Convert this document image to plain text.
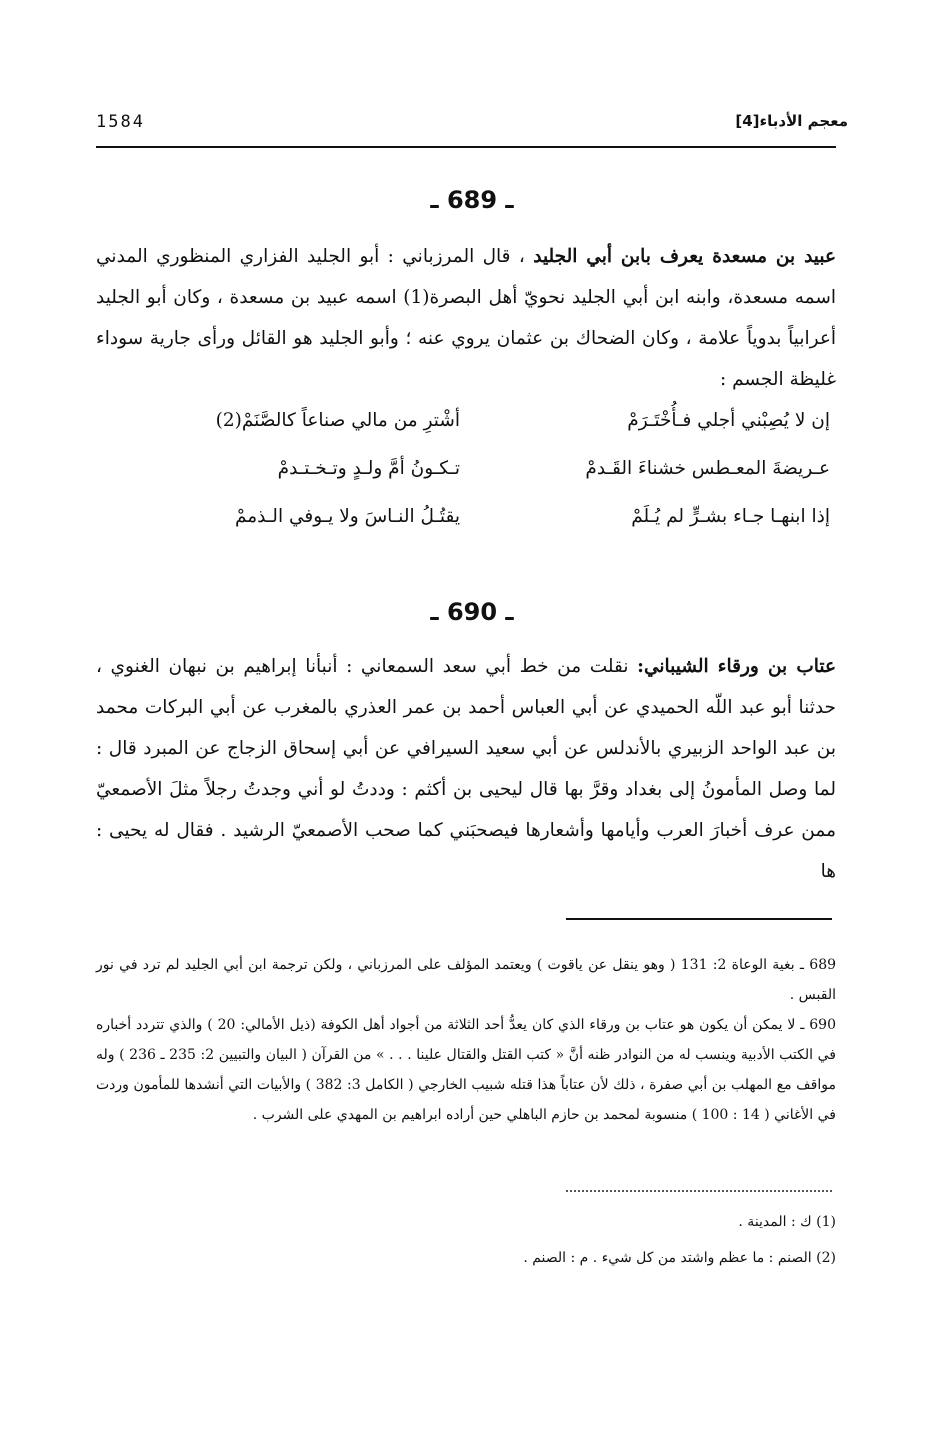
1584	معجم الأدباء[4]
ـ 689 ـ
عبيد بن مسعدة يعرف بابن أبي الجليد ، قال المرزباني : أبو الجليد الفزاري المنظوري المدني اسمه مسعدة، وابنه ابن أبي الجليد نحويّ أهل البصرة(1) اسمه عبيد بن مسعدة ، وكان أبو الجليد أعرابياً بدوياً علامة ، وكان الضحاك بن عثمان يروي عنه ؛ وأبو الجليد هو القائل ورأى جارية سوداء غليظة الجسم :
إن لا يُصِبْني أجلي فـأُخْتَـرَمْ
أشْترِ من مالي صناعاً كالصَّنَمْ(2)
عـريضةَ المعـطس خشناءَ القَـدمْ
تـكـونُ أمَّ ولـدٍ وتـخـتـدمْ
إذا ابنهـا جـاء بشـرٍّ لم يُـلَمْ
يقتُـلُ النـاسَ ولا يـوفي الـذممْ
ـ 690 ـ
عتاب بن ورقاء الشيباني: نقلت من خط أبي سعد السمعاني : أنبأنا إبراهيم بن نبهان الغنوي ، حدثنا أبو عبد اللّه الحميدي عن أبي العباس أحمد بن عمر العذري بالمغرب عن أبي البركات محمد بن عبد الواحد الزبيري بالأندلس عن أبي سعيد السيرافي عن أبي إسحاق الزجاج عن المبرد قال : لما وصل المأمونُ إلى بغداد وقرَّ بها قال ليحيى بن أكثم : وددتُ لو أني وجدتُ رجلاً مثلَ الأصمعيّ ممن عرف أخبارَ العرب وأيامها وأشعارها فيصحبَني كما صحب الأصمعيّ الرشيد . فقال له يحيى : ها
689 ـ بغية الوعاة 2: 131 ( وهو ينقل عن ياقوت ) ويعتمد المؤلف على المرزباني ، ولكن ترجمة ابن أبي الجليد لم ترد في نور القبس .
690 ـ لا يمكن أن يكون هو عتاب بن ورقاء الذي كان يعدُّ أحد الثلاثة من أجواد أهل الكوفة (ذيل الأمالي: 20 ) والذي تتردد أخباره في الكتب الأدبية وينسب له من النوادر ظنه أنَّ « كتب القتل والقتال علينا . . . » من القرآن ( البيان والتبيين 2: 235 ـ 236 ) وله مواقف مع المهلب بن أبي صفرة ، ذلك لأن عتاباً هذا قتله شبيب الخارجي ( الكامل 3: 382 ) والأبيات التي أنشدها للمأمون وردت في الأغاني ( 14 : 100 ) منسوبة لمحمد بن حازم الباهلي حين أراده ابراهيم بن المهدي على الشرب .
(1) ك : المدينة .
(2) الصنم : ما عظم واشتد من كل شيء . م : الصنم .
